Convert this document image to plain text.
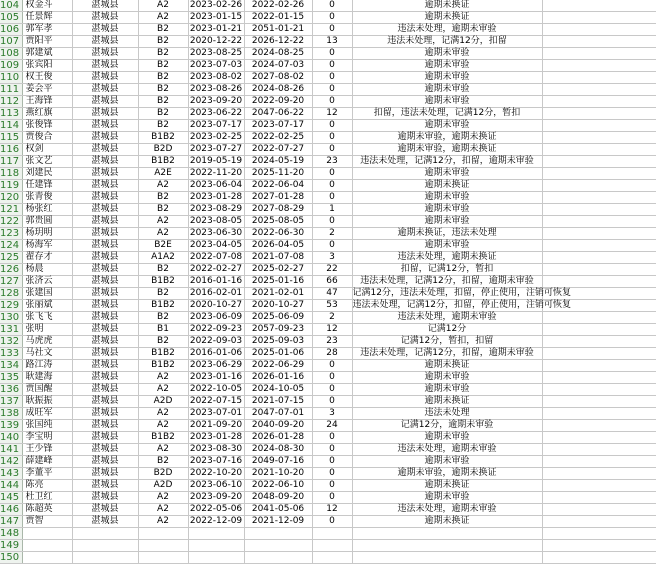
104	权金斗	湛城县	A2	2023-02-26	2022-02-26	0	逾期未换证	
105	任景辉	湛城县	A2	2023-01-15	2022-01-15	0	逾期未换证	
106	郭军孝	湛城县	B2	2023-01-21	2051-01-21	0	违法未处理，逾期未审验	
107	贾阳平	湛城县	B2	2020-12-22	2026-12-22	13	违法未处理，记满12分，扣留	
108	郭建斌	湛城县	B2	2023-08-25	2024-08-25	0	逾期未审验	
109	张宾阳	湛城县	B2	2023-07-03	2024-07-03	0	逾期未审验	
110	权王俊	湛城县	B2	2023-08-02	2027-08-02	0	逾期未审验	
111	姜会平	湛城县	B2	2023-08-26	2024-08-26	0	逾期未审验	
112	王海锋	湛城县	B2	2023-09-20	2022-09-20	0	逾期未审验	
113	燕红旗	湛城县	B2	2023-06-22	2047-06-22	12	扣留，违法未处理，记满12分，暂扣	
114	张俊锋	湛城县	B2	2023-07-17	2023-07-17	0	逾期未审验	
115	贾俊合	湛城县	B1B2	2023-02-25	2022-02-25	0	逾期未审验，逾期未换证	
116	权剑	湛城县	B2D	2023-07-27	2022-07-27	0	逾期未审验，逾期未换证	
117	张文艺	湛城县	B1B2	2019-05-19	2024-05-19	23	违法未处理，记满12分，扣留，逾期未审验	
118	刘建民	湛城县	A2E	2022-11-20	2025-11-20	0	逾期未审验	
119	任建锋	湛城县	A2	2023-06-04	2022-06-04	0	逾期未换证	
120	张青俊	湛城县	B2	2023-01-28	2027-01-28	0	逾期未审验	
121	杨张红	湛城县	B2	2023-08-29	2027-08-29	1	逾期未审验	
122	郭贵圆	湛城县	A2	2023-08-05	2025-08-05	0	逾期未审验	
123	杨玥明	湛城县	A2	2023-06-30	2022-06-30	2	逾期未换证，违法未处理	
124	杨海军	湛城县	B2E	2023-04-05	2026-04-05	0	逾期未审验	
125	翟存才	湛城县	A1A2	2022-07-08	2021-07-08	3	违法未处理，逾期未换证	
126	杨晨	湛城县	B2	2022-02-27	2025-02-27	22	扣留，记满12分，暂扣	
127	张济云	湛城县	B1B2	2016-01-16	2025-01-16	66	违法未处理，记满12分，扣留，逾期未审验	
128	张建国	湛城县	B2	2016-02-01	2021-02-01	47	记满12分，违法未处理，扣留，停止使用，注销可恢复	
129	张丽斌	湛城县	B1B2	2020-10-27	2020-10-27	53	违法未处理，记满12分，扣留，停止使用，注销可恢复	
130	张飞飞	湛城县	B2	2023-06-09	2025-06-09	2	违法未处理，逾期未审验	
131	张明	湛城县	B1	2022-09-23	2057-09-23	12	记满12分	
132	马虎虎	湛城县	B2	2022-09-03	2025-09-03	23	记满12分，暂扣，扣留	
133	马社文	湛城县	B1B2	2016-01-06	2025-01-06	28	违法未处理，记满12分，扣留，逾期未审验	
134	路江涛	湛城县	B1B2	2023-06-29	2022-06-29	0	逾期未换证	
135	耿建海	湛城县	A2	2023-01-16	2026-01-16	0	逾期未审验	
136	贾国醒	湛城县	A2	2022-10-05	2024-10-05	0	逾期未审验	
137	耿振振	湛城县	A2D	2022-07-15	2021-07-15	0	逾期未换证	
138	成旺军	湛城县	A2	2023-07-01	2047-07-01	3	违法未处理	
139	张国纯	湛城县	A2	2021-09-20	2040-09-20	24	记满12分，逾期未审验	
140	李宝明	湛城县	B1B2	2023-01-28	2026-01-28	0	逾期未审验	
141	王少锋	湛城县	A2	2023-08-30	2024-08-30	0	违法未处理，逾期未审验	
142	薛建峰	湛城县	B2	2023-07-16	2049-07-16	0	逾期未审验	
143	李董平	湛城县	B2D	2022-10-20	2021-10-20	0	逾期未审验，逾期未换证	
144	陈亮	湛城县	A2D	2023-06-10	2022-06-10	0	逾期未换证	
145	杜卫红	湛城县	A2	2023-09-20	2048-09-20	0	逾期未审验	
146	陈超英	湛城县	A2	2022-05-06	2041-05-06	12	违法未处理，逾期未审验	
147	贾智	湛城县	A2	2022-12-09	2021-12-09	0	逾期未换证	
148								
149								
150								
